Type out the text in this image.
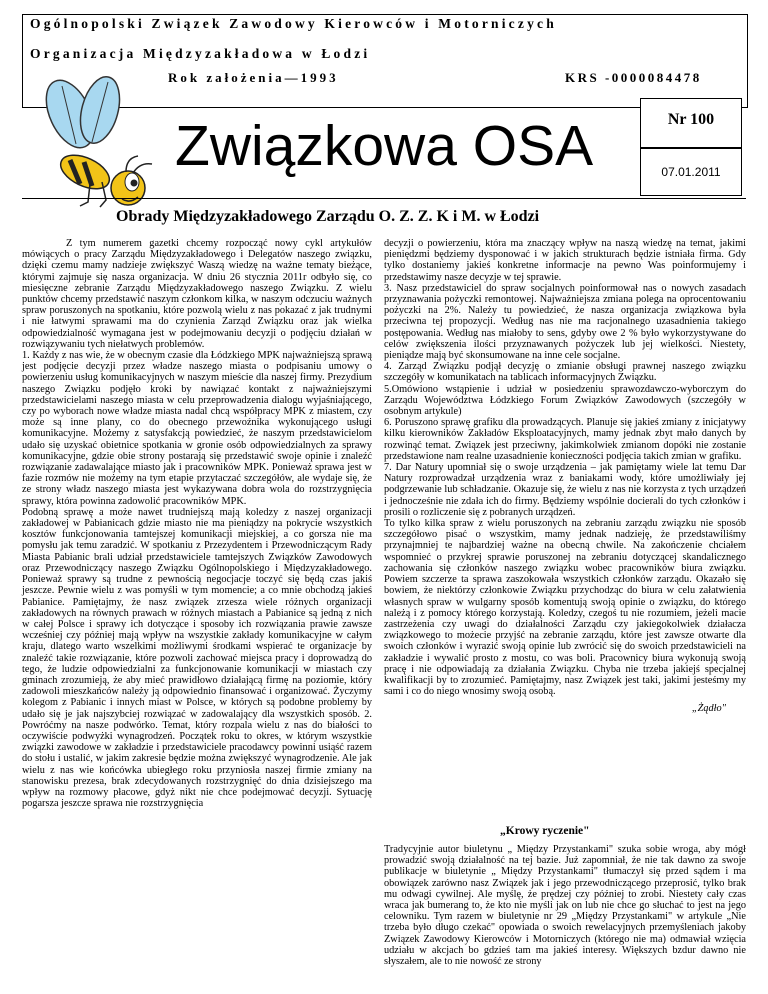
Ogólnopolski Związek Zawodowy Kierowców i Motorniczych
Organizacja Międzyzakładowa w Łodzi
Rok założenia—1993	KRS -0000084478
Związkowa OSA	Nr 100
07.01.2011
Obrady Międzyzakładowego Zarządu O. Z. Z. K i M. w Łodzi

Z tym numerem gazetki chcemy rozpocząć nowy cykl artykułów mówiących o pracy Zarządu Międzyzakładowego i Delegatów naszego związku, dzięki czemu mamy nadzieje zwiększyć Waszą wiedzę na ważne tematy bieżące, którymi zajmuje się nasza organizacja. W dniu 26 stycznia 2011r odbyło się, co miesięczne zebranie Zarządu Międzyzakładowego naszego Związku. Z wielu punktów chcemy przedstawić naszym członkom kilka, w naszym odczuciu ważnych spraw poruszonych na spotkaniu, które pozwolą wielu z nas pokazać z jak trudnymi i nie łatwymi sprawami ma do czynienia Zarząd Związku oraz jak wielka odpowiedzialność wymagana jest w podejmowaniu decyzji o podjęciu działań w rozwiązywaniu tych niełatwych problemów.

1. Każdy z nas wie, że w obecnym czasie dla Łódzkiego MPK najważniejszą sprawą jest podjęcie decyzji przez władze naszego miasta o podpisaniu umowy o powierzeniu usług komunikacyjnych w naszym mieście dla naszej firmy. Prezydium naszego Związku podjęło kroki by nawiązać kontakt z najważniejszymi przedstawicielami naszego miasta w celu przeprowadzenia dialogu wyjaśniającego, czy po wyborach nowe władze miasta nadal chcą współpracy MPK z miastem, czy może są inne plany, co do obecnego przewoźnika wykonującego usługi komunikacyjne. Możemy z satysfakcją powiedzieć, że naszym przedstawicielom udało się uzyskać obietnice spotkania w gronie osób odpowiedzialnych za sprawy komunikacyjne, gdzie obie strony postarają się przedstawić swoje opinie i znaleźć rozwiązanie zadawalające miasto jak i pracowników MPK. Ponieważ sprawa jest w fazie rozmów nie możemy na tym etapie przytaczać szczegółów, ale wydaje się, że ze strony władz naszego miasta jest wykazywana dobra wola do rozstrzygnięcia sprawy, która powinna zadowolić pracowników MPK.

Podobną sprawę a może nawet trudniejszą mają koledzy z naszej organizacji zakładowej w Pabianicach gdzie miasto nie ma pieniądzy na pokrycie wszystkich kosztów funkcjonowania tamtejszej komunikacji miejskiej, a co gorsza nie ma pomysłu jak temu zaradzić. W spotkaniu z Przezydentem i Przewodniczącym Rady Miasta Pabianic brali udział przedstawiciele tamtejszych Związków Zawodowych oraz Przewodniczący naszego Związku Ogólnopolskiego i Międzyzakładowego. Ponieważ sprawy są trudne z pewnością negocjacje toczyć się będą czas jakiś jeszcze. Pewnie wielu z was pomyśli w tym momencie; a co mnie obchodzą jakieś Pabianice. Pamiętajmy, że nasz związek zrzesza wiele różnych organizacji zakładowych na równych prawach w różnych miastach a Pabianice są jedną z nich w całej Polsce i sprawy ich dotyczące i sposoby ich rozwiązania prawie zawsze wcześniej czy później mają wpływ na wszystkie zakłady komunikacyjne w całym kraju, dlatego warto wszelkimi możliwymi środkami wspierać te organizacje by znaleźć takie rozwiązanie, które pozwoli zachować miejsca pracy i doprowadzą do tego, że ludzie odpowiedzialni za funkcjonowanie komunikacji w miastach czy gminach zrozumieją, że aby mieć prawidłowo działającą firmę na poziomie, który zadowoli mieszkańców należy ją odpowiednio finansować i organizować. Życzymy kolegom z Pabianic i innych miast w Polsce, w których są podobne problemy by udało się je jak najszybciej rozwiązać w zadowalający dla wszystkich sposób. 2. Powróćmy na nasze podwórko. Temat, który rozpala wielu z nas do białości to oczywiście podwyżki wynagrodzeń. Początek roku to okres, w którym wszystkie związki zawodowe w zakładzie i przedstawiciele pracodawcy powinni usiąść razem do stołu i ustalić, w jakim zakresie będzie można zwiększyć wynagrodzenie. Ale jak wielu z nas wie końcówka ubiegłego roku przyniosła naszej firmie zmiany na stanowisku prezesa, brak zdecydowanych rozstrzygnięć do dnia dzisiejszego ma wpływ na rozmowy płacowe, gdyż nikt nie chce podejmować decyzji. Sytuację pogarsza jeszcze sprawa nie rozstrzygnięcia

decyzji o powierzeniu, która ma znaczący wpływ na naszą wiedzę na temat, jakimi pieniędzmi będziemy dysponować i w jakich strukturach będzie istniała firma. Gdy tylko dostaniemy jakieś konkretne informacje na pewno Was poinformujemy i przedstawimy nasze decyzje w tej sprawie.

3. Nasz przedstawiciel do spraw socjalnych poinformował nas o nowych zasadach przyznawania pożyczki remontowej. Najważniejsza zmiana polega na oprocentowaniu pożyczki na 2%. Należy tu powiedzieć, że nasza organizacja związkowa była przeciwna tej propozycji. Według nas nie ma racjonalnego uzasadnienia takiego postępowania. Według nas miałoby to sens, gdyby owe 2 % było wykorzystywane do celów zwiększenia ilości przyznawanych pożyczek lub jej wielkości. Niestety, pieniądze mają być skonsumowane na inne cele socjalne.

4. Zarząd Związku podjął decyzję o zmianie obsługi prawnej naszego związku szczegóły w komunikatach na tablicach informacyjnych Związku.

5.Omówiono wstąpienie i udział w posiedzeniu sprawozdawczo-wyborczym do Zarządu Województwa Łódzkiego Forum Związków Zawodowych (szczegóły w osobnym artykule)

6. Poruszono sprawę grafiku dla prowadzących. Planuje się jakieś zmiany z inicjatywy kilku kierowników Zakładów Eksploatacyjnych, mamy jednak zbyt mało danych by rozwinąć temat. Związek jest przeciwny, jakimkolwiek zmianom dopóki nie zostanie przedstawione nam realne uzasadnienie konieczności podjęcia takich zmian w grafiku.

7. Dar Natury upomniał się o swoje urządzenia – jak pamiętamy wiele lat temu Dar Natury rozprowadzał urządzenia wraz z baniakami wody, które umożliwiały jej podgrzewanie lub schładzanie. Okazuje się, że wielu z nas nie korzysta z tych urządzeń i jednocześnie nie zdała ich do firmy. Będziemy wspólnie docierali do tych członków i prosili o rozliczenie się z pobranych urządzeń.

To tylko kilka spraw z wielu poruszonych na zebraniu zarządu związku nie sposób szczegółowo pisać o wszystkim, mamy jednak nadzieję, że przedstawiliśmy przynajmniej te najbardziej ważne na obecną chwile. Na zakończenie chciałem wspomnieć o przykrej sprawie poruszonej na zebraniu dotyczącej skandalicznego zachowania się członków naszego związku wobec pracowników biura związku. Powiem szczerze ta sprawa zaszokowała wszystkich członków zarządu. Okazało się bowiem, że niektórzy członkowie Związku przychodząc do biura w celu załatwienia własnych spraw w wulgarny sposób komentują swoją opinie o związku, do którego należą i z pomocy którego korzystają. Koledzy, czegoś tu nie rozumiem, jeżeli macie zastrzeżenia czy uwagi do działalności Zarządu czy jakiegokolwiek działacza związkowego to możecie przyjść na zebranie zarządu, które jest zawsze otwarte dla swoich członków i wyrazić swoją opinie lub zwrócić się do swoich przedstawicieli na zakładzie i wywalić prosto z mostu, co was boli. Pracownicy biura wykonują swoją pracę i nie odpowiadają za działania Związku. Chyba nie trzeba jakiejś specjalnej kwalifikacji by to zrozumieć. Pamiętajmy, nasz Związek jest taki, jakimi jesteśmy my sami i co do niego wnosimy swoją osobą.

„Żądło"

„Krowy ryczenie"

Tradycyjnie autor biuletynu „ Między Przystankami" szuka sobie wroga, aby mógł prowadzić swoją działalność na tej bazie. Już zapomniał, że nie tak dawno za swoje publikacje w biuletynie „ Między Przystankami" tłumaczył się przed sądem i ma obowiązek zarówno nasz Związek jak i jego przewodniczącego przeprosić, tylko brak mu odwagi cywilnej. Ale myślę, że prędzej czy później to zrobi. Niestety cały czas wraca jak bumerang to, że kto nie myśli jak on lub nie chce go słuchać to jest na jego celowniku. Tym razem w biuletynie nr 29 „Między Przystankami" w artykule „Nie trzeba było długo czekać" opowiada o swoich rewelacyjnych przemyśleniach jakoby Związek Zawodowy Kierowców i Motorniczych (którego nie ma) odmawiał wzięcia udziału w akcjach bo gdzieś tam ma jakieś interesy. Większych bzdur dawno nie słyszałem, ale to nie nowość ze strony
